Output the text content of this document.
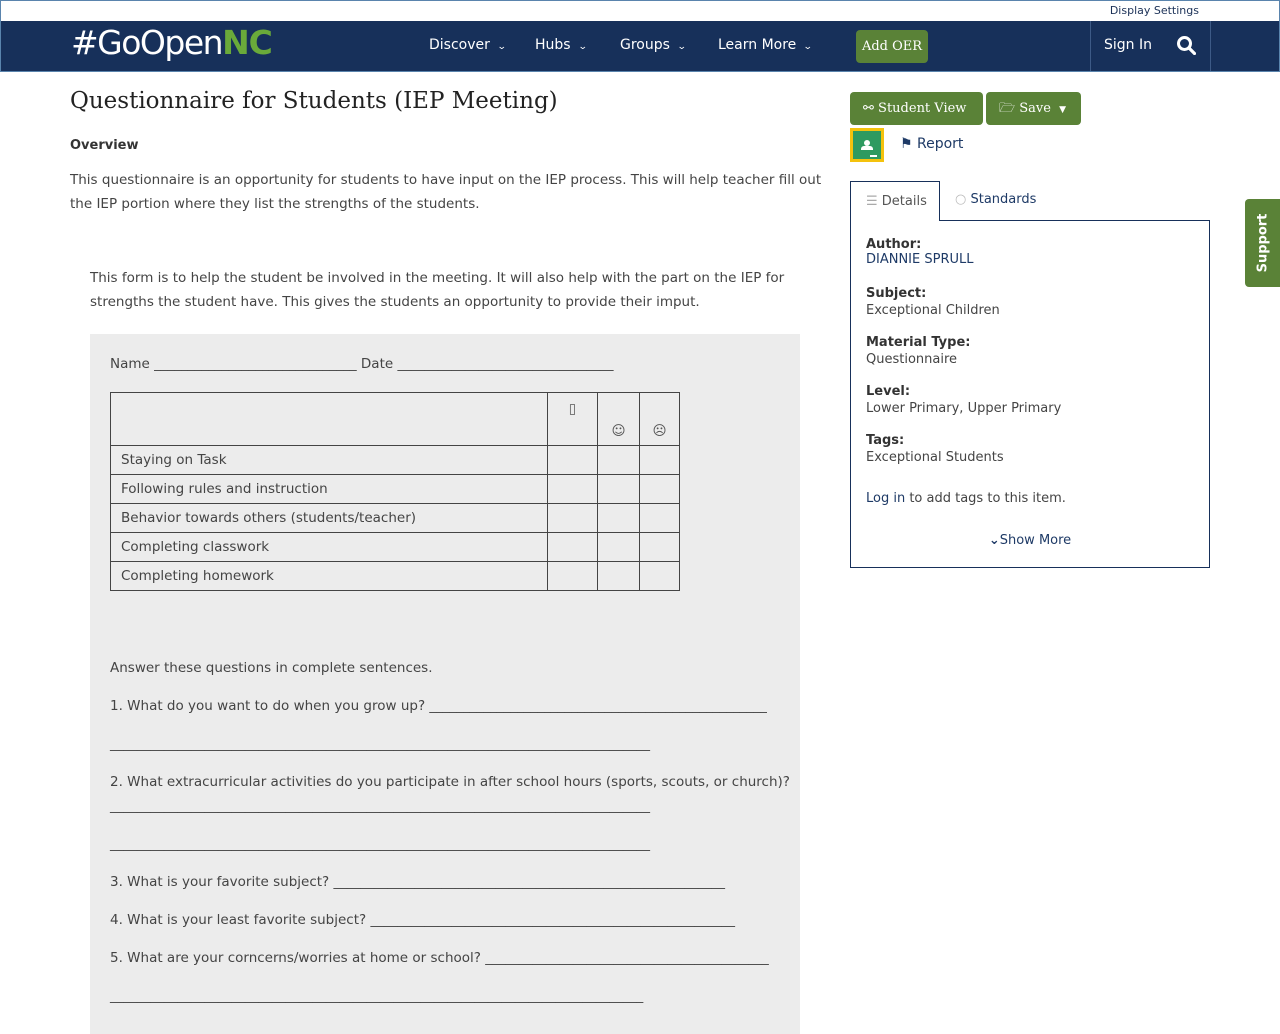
Display Settings
#GoOpenNC	Discover ⌄ Hubs ⌄ Groups ⌄ Learn More ⌄	Add OER	Sign In
Questionnaire for Students (IEP Meeting)
Overview

This questionnaire is an opportunity for students to have input on the IEP process. This will help teacher fill out the IEP portion where they list the strengths of the students.

This form is to help the student be involved in the meeting. It will also help with the part on the IEP for strengths the student have. This gives the students an opportunity to provide their imput.

Name ______________________________ Date ________________________________
	▯	☺	☹
Staying on Task			
Following rules and instruction			
Behavior towards others (students/teacher)			
Completing classwork			
Completing homework			
Answer these questions in complete sentences.
1. What do you want to do when you grow up? __________________________________________________
________________________________________________________________________________
2. What extracurricular activities do you participate in after school hours (sports, scouts, or church)?
________________________________________________________________________________
________________________________________________________________________________
3. What is your favorite subject? __________________________________________________________
4. What is your least favorite subject? ______________________________________________________
5. What are your corncerns/worries at home or school? __________________________________________
_______________________________________________________________________________
⚯ Student View	🗁 Save ▼
⚑ Report
☰ Details	○ Standards
Author:
DIANNIE SPRULL
Subject:
Exceptional Children
Material Type:
Questionnaire
Level:
Lower Primary, Upper Primary
Tags:
Exceptional Students
Log in to add tags to this item.
⌄Show More
Support
